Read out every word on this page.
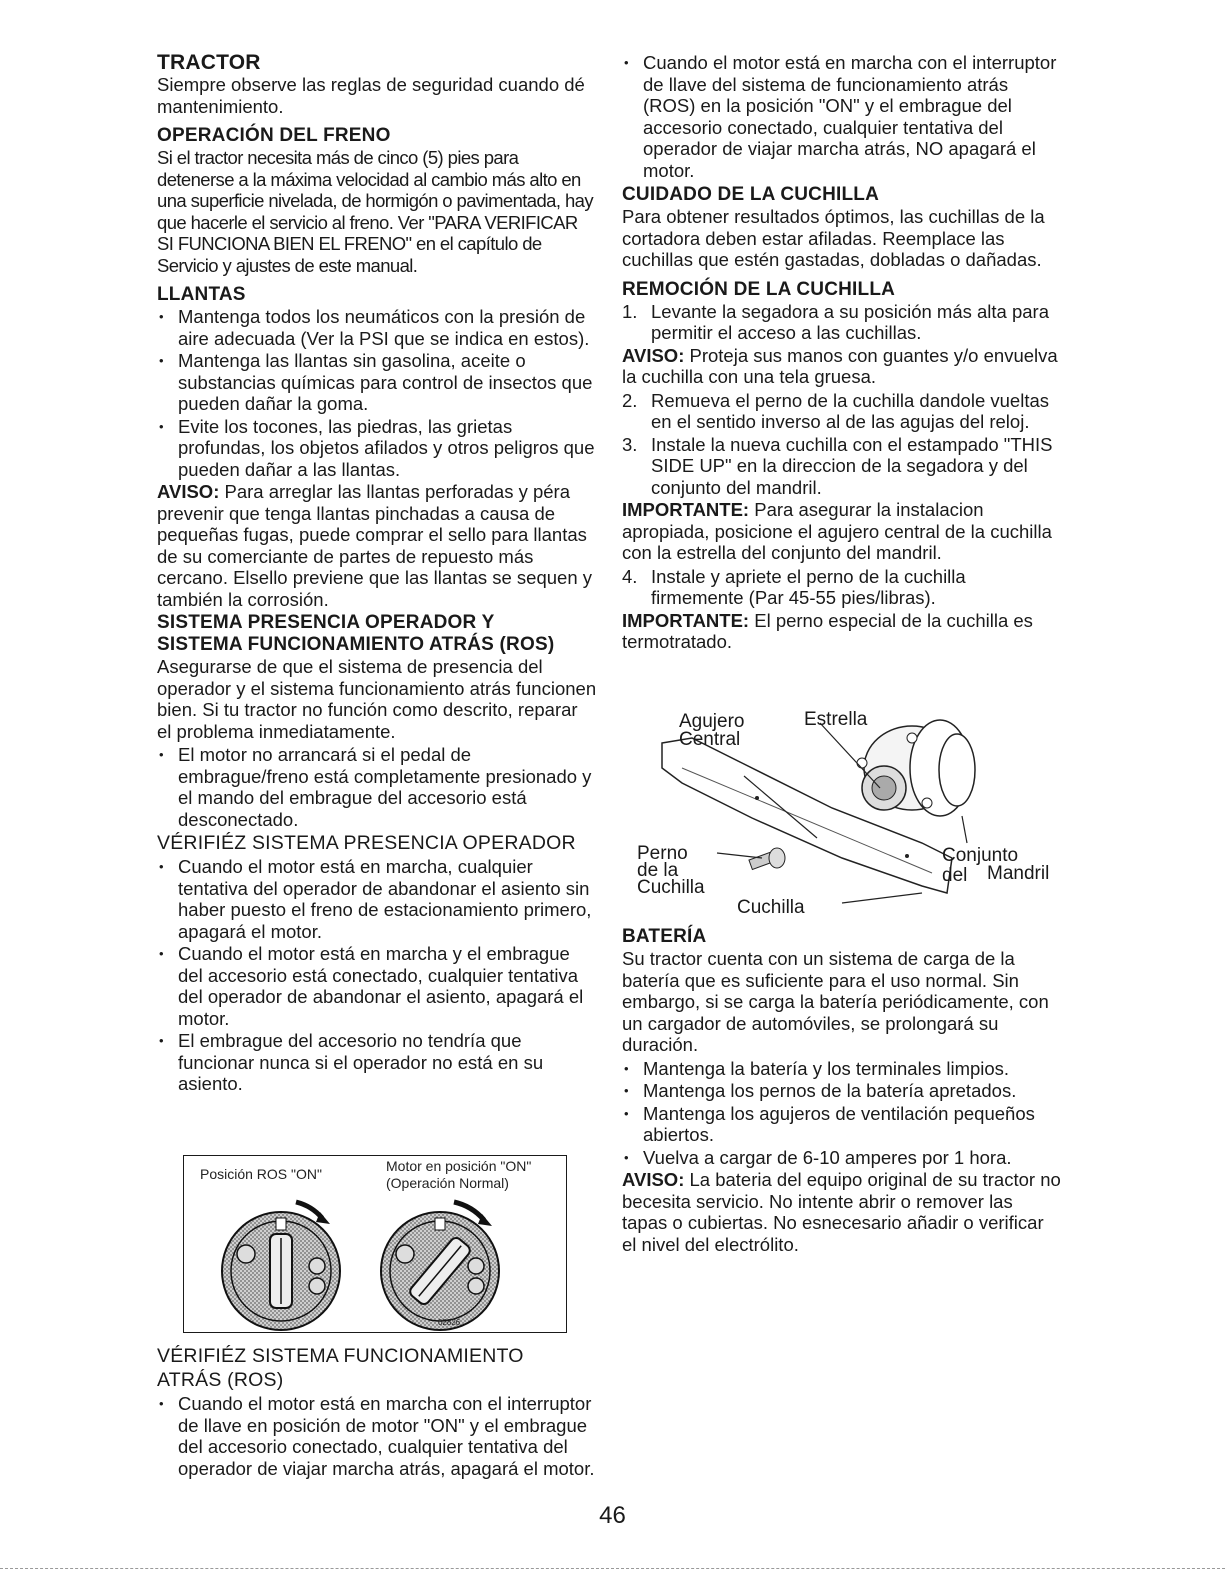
TRACTOR

Siempre observe las reglas de seguridad cuando dé mantenimiento.

OPERACIÓN DEL FRENO

Si el tractor necesita más de cinco (5) pies para detenerse a la máxima velocidad al cambio más alto en una superficie nivelada, de hormigón o pavimentada, hay que hacerle el servicio al freno. Ver "PARA VERIFICAR SI FUNCIONA BIEN EL FRENO" en el capítulo de Servicio y ajustes de este manual.

LLANTAS

• Mantenga todos los neumáticos con la presión de aire adecuada (Ver la PSI que se indica en estos).
• Mantenga las llantas sin gasolina, aceite o substancias químicas para control de insectos que pueden dañar la goma.
• Evite los tocones, las piedras, las grietas profundas, los objetos afilados y otros peligros que pueden dañar a las llantas.

AVISO: Para arreglar las llantas perforadas y péra prevenir que tenga llantas pinchadas a causa de pequeñas fugas, puede comprar el sello para llantas de su comerciante de partes de repuesto más cercano. Elsello previene que las llantas se sequen y también la corrosión.

SISTEMA PRESENCIA OPERADOR Y

SISTEMA FUNCIONAMIENTO ATRÁS (ROS)

Asegurarse de que el sistema de presencia del operador y el sistema funcionamiento atrás funcionen bien. Si tu tractor no función como descrito, reparar el problema inmediatamente.

• El motor no arrancará si el pedal de embrague/freno está completamente presionado y el mando del embrague del accesorio está desconectado.

VÉRIFIÉZ SISTEMA PRESENCIA OPERADOR

• Cuando el motor está en marcha, cualquier tentativa del operador de abandonar el asiento sin haber puesto el freno de estacionamiento primero, apagará el motor.
• Cuando el motor está en marcha y el embrague del accesorio está conectado, cualquier tentativa del operador de abandonar el asiento, apagará el motor.
• El embrague del accesorio no tendría que funcionar nunca si el operador no está en su asiento.
Posición ROS "ON"	Motor en posición "ON"
(Operación Normal)
02826

VÉRIFIÉZ SISTEMA FUNCIONAMIENTO

ATRÁS (ROS)

• Cuando el motor está en marcha con el interruptor de llave en posición de motor "ON" y el embrague del accesorio conectado, cualquier tentativa del operador de viajar marcha atrás, apagará el motor.
• Cuando el motor está en marcha con el interruptor de llave del sistema de funcionamiento atrás (ROS) en la posición "ON" y el embrague del accesorio conectado, cualquier tentativa del operador de viajar marcha atrás, NO apagará el motor.

CUIDADO DE LA CUCHILLA

Para obtener resultados óptimos, las cuchillas de la cortadora deben estar afiladas. Reemplace las cuchillas que estén gastadas, dobladas o dañadas.

REMOCIÓN DE LA CUCHILLA

1. Levante la segadora a su posición más alta para permitir el acceso a las cuchillas.

AVISO: Proteja sus manos con guantes y/o envuelva la cuchilla con una tela gruesa.

2. Remueva el perno de la cuchilla dandole vueltas en el sentido inverso al de las agujas del reloj.
3. Instale la nueva cuchilla con el estampado "THIS SIDE UP" en la direccion de la segadora y del conjunto del mandril.

IMPORTANTE: Para asegurar la instalacion apropiada, posicione el agujero central de la cuchilla con la estrella del conjunto del mandril.

4. Instale y apriete el perno de la cuchilla firmemente (Par 45-55 pies/libras).

IMPORTANTE: El perno especial de la cuchilla es termotratado.

Agujero
Central
Estrella
Perno
de la
Cuchilla
Conjunto del	Mandril
Cuchilla

BATERÍA

Su tractor cuenta con un sistema de carga de la batería que es suficiente para el uso normal. Sin embargo, si se carga la batería periódicamente, con un cargador de automóviles, se prolongará su duración.

• Mantenga la batería y los terminales limpios.
• Mantenga los pernos de la batería apretados.
• Mantenga los agujeros de ventilación pequeños abiertos.
• Vuelva a cargar de 6-10 amperes por 1 hora.

AVISO: La bateria del equipo original de su tractor no becesita servicio. No intente abrir o remover las tapas o cubiertas. No esnecesario añadir o verificar el nivel del electrólito.

46
